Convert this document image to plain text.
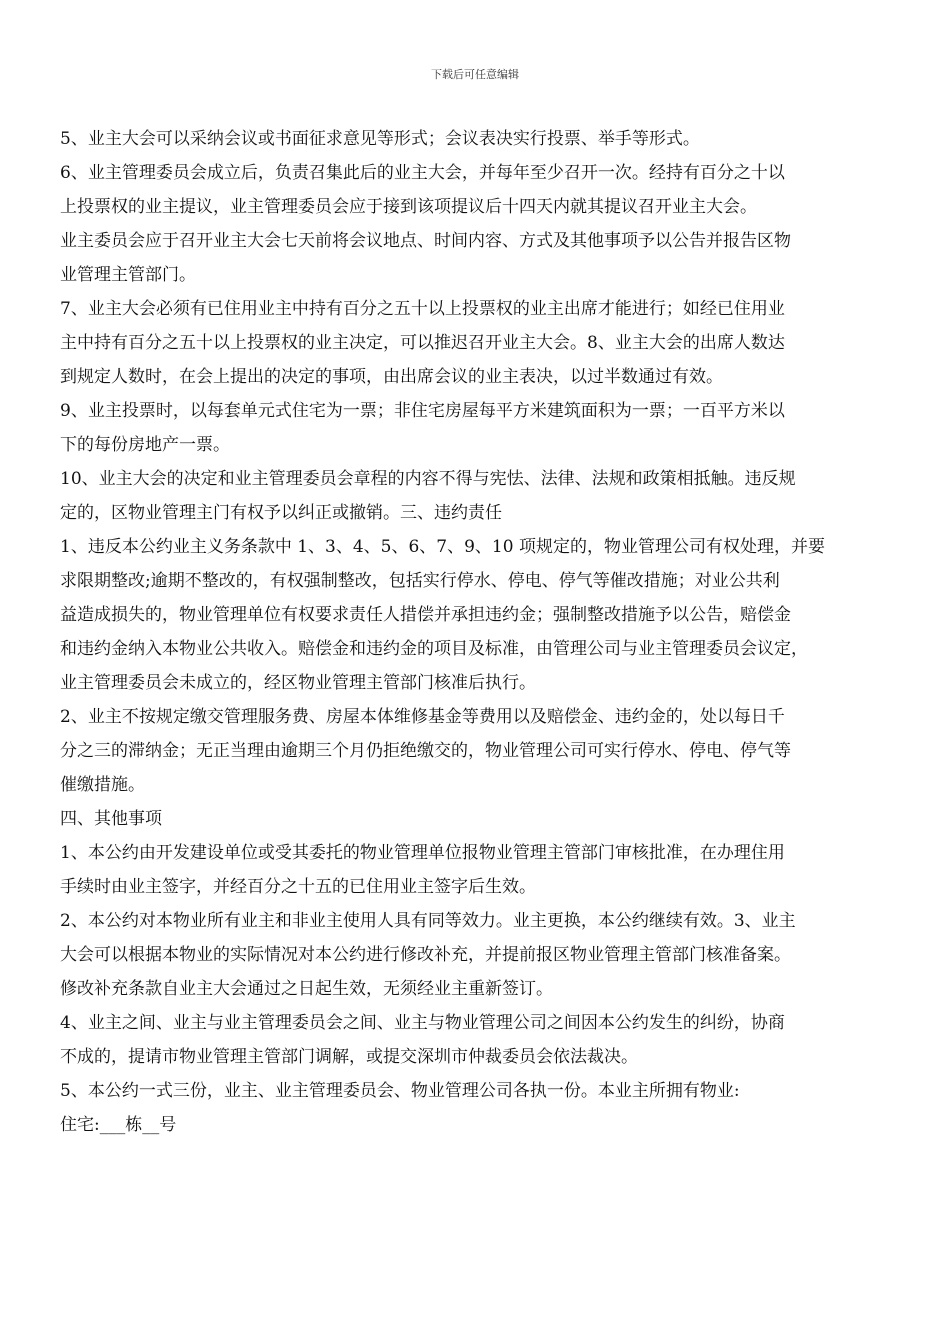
下载后可任意编辑
5、业主大会可以采纳会议或书面征求意见等形式；会议表决实行投票、举手等形式。
6、业主管理委员会成立后，负责召集此后的业主大会，并每年至少召开一次。经持有百分之十以
上投票权的业主提议，业主管理委员会应于接到该项提议后十四天内就其提议召开业主大会。
业主委员会应于召开业主大会七天前将会议地点、时间内容、方式及其他事项予以公告并报告区物
业管理主管部门。
7、业主大会必须有已住用业主中持有百分之五十以上投票权的业主出席才能进行；如经已住用业
主中持有百分之五十以上投票权的业主决定，可以推迟召开业主大会。8、业主大会的出席人数达
到规定人数时，在会上提出的决定的事项，由出席会议的业主表决，以过半数通过有效。
9、业主投票时，以每套单元式住宅为一票；非住宅房屋每平方米建筑面积为一票；一百平方米以
下的每份房地产一票。
10、业主大会的决定和业主管理委员会章程的内容不得与宪怯、法律、法规和政策相抵触。违反规
定的，区物业管理主门有权予以纠正或撤销。三、违约责任
1、违反本公约业主义务条款中 1、3、4、5、6、7、9、10 项规定的，物业管理公司有权处理，并要
求限期整改;逾期不整改的，有权强制整改，包括实行停水、停电、停气等催改措施；对业公共利
益造成损失的，物业管理单位有权要求责任人措偿并承担违约金；强制整改措施予以公告，赔偿金
和违约金纳入本物业公共收入。赔偿金和违约金的项目及标准，由管理公司与业主管理委员会议定，
业主管理委员会未成立的，经区物业管理主管部门核准后执行。
2、业主不按规定缴交管理服务费、房屋本体维修基金等费用以及赔偿金、违约金的，处以每日千
分之三的滞纳金；无正当理由逾期三个月仍拒绝缴交的，物业管理公司可实行停水、停电、停气等
催缴措施。
四、其他事项
1、本公约由开发建设单位或受其委托的物业管理单位报物业管理主管部门审核批准，在办理住用
手续时由业主签字，并经百分之十五的已住用业主签字后生效。
2、本公约对本物业所有业主和非业主使用人具有同等效力。业主更换，本公约继续有效。3、业主
大会可以根据本物业的实际情况对本公约进行修改补充，并提前报区物业管理主管部门核准备案。
修改补充条款自业主大会通过之日起生效，无须经业主重新签订。
4、业主之间、业主与业主管理委员会之间、业主与物业管理公司之间因本公约发生的纠纷，协商
不成的，提请市物业管理主管部门调解，或提交深圳市仲裁委员会依法裁决。
5、本公约一式三份，业主、业主管理委员会、物业管理公司各执一份。本业主所拥有物业:
住宅:___栋__号
